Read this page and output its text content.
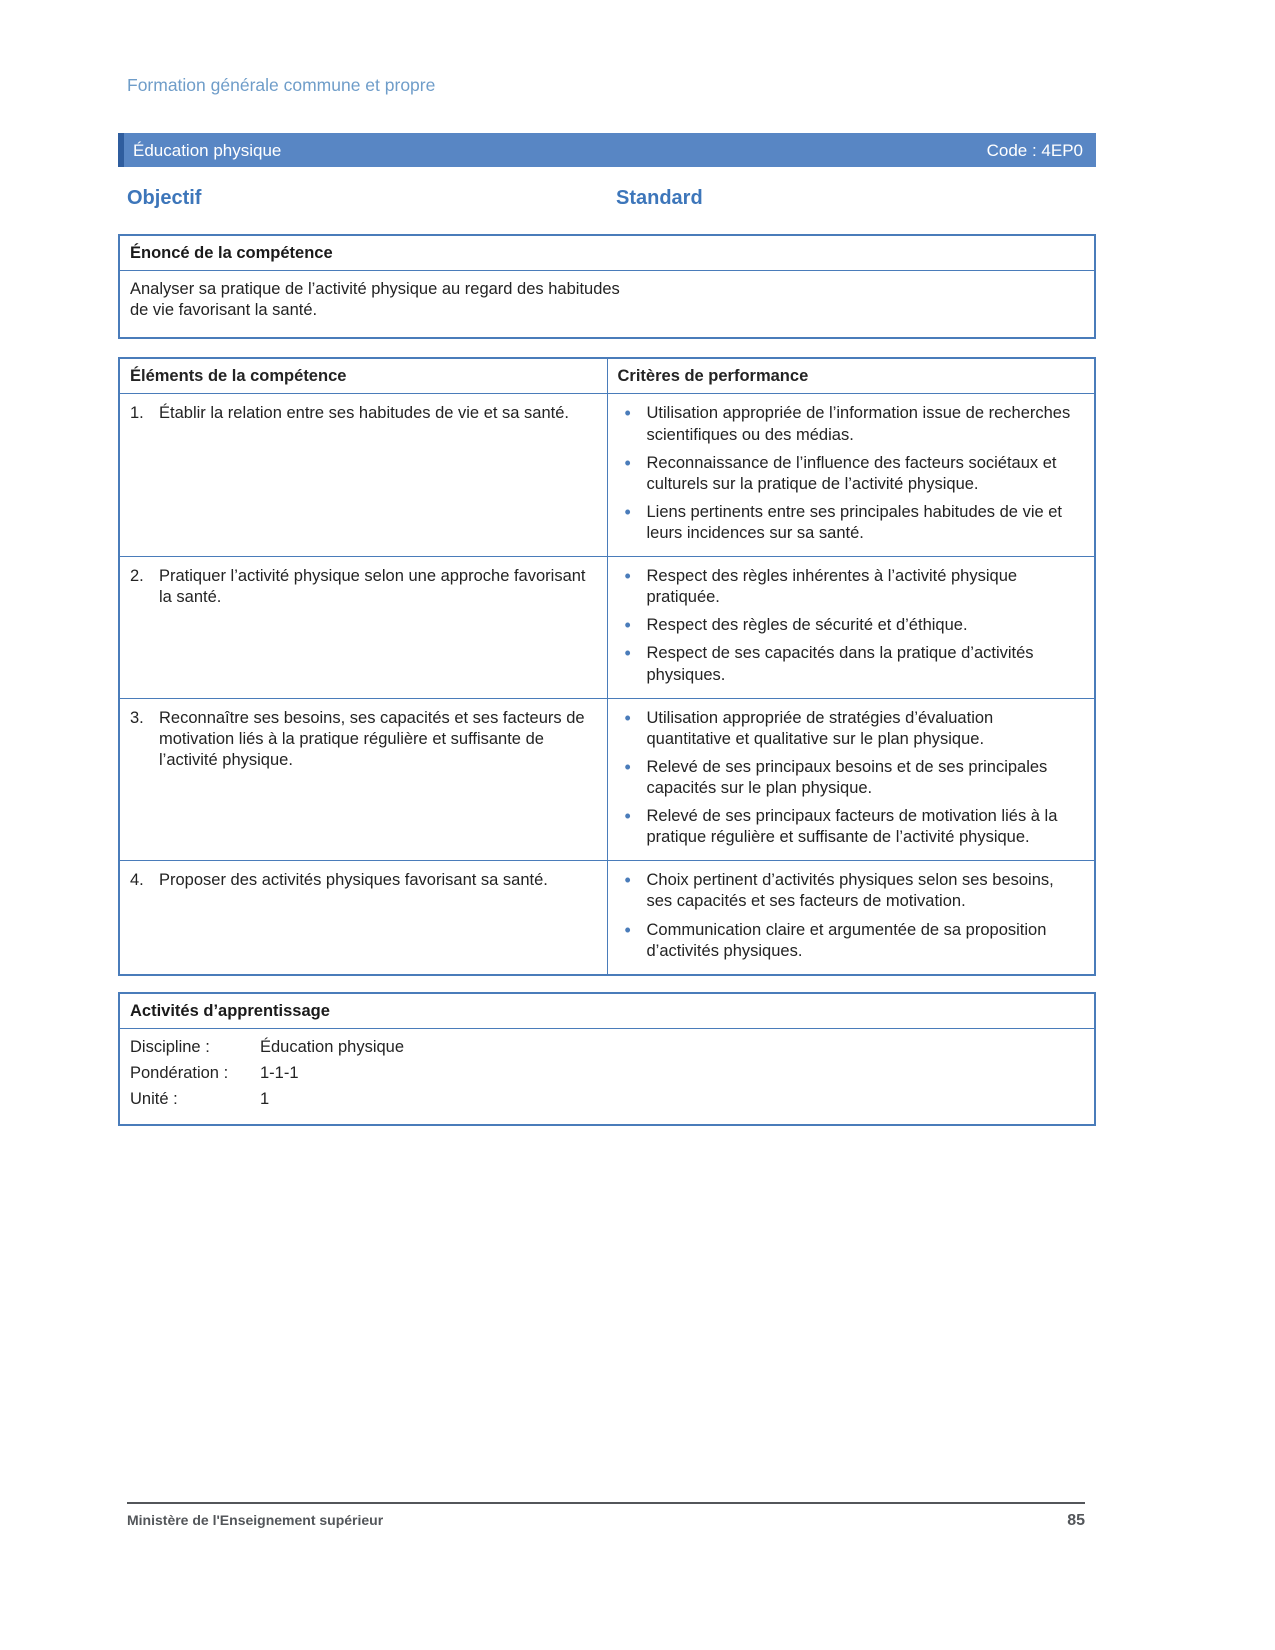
Formation générale commune et propre
Éducation physique	Code : 4EP0
Objectif	Standard
Énoncé de la compétence
Analyser sa pratique de l’activité physique au regard des habitudes de vie favorisant la santé.
Éléments de la compétence	Critères de performance

1. Établir la relation entre ses habitudes de vie et sa santé.

•Utilisation appropriée de l’information issue de recherches scientifiques ou des médias.
• Reconnaissance de l’influence des facteurs sociétaux et culturels sur la pratique de l’activité physique.
• Liens pertinents entre ses principales habitudes de vie et leurs incidences sur sa santé.

2. Pratiquer l’activité physique selon une approche favorisant la santé.

• Respect des règles inhérentes à l’activité physique pratiquée.
• Respect des règles de sécurité et d’éthique.
• Respect de ses capacités dans la pratique d’activités physiques.

3. Reconnaître ses besoins, ses capacités et ses facteurs de motivation liés à la pratique régulière et suffisante de l’activité physique.

• Utilisation appropriée de stratégies d’évaluation quantitative et qualitative sur le plan physique.
• Relevé de ses principaux besoins et de ses principales capacités sur le plan physique.
• Relevé de ses principaux facteurs de motivation liés à la pratique régulière et suffisante de l’activité physique.

4. Proposer des activités physiques favorisant sa santé.

•Choix pertinent d’activités physiques selon ses besoins, ses capacités et ses facteurs de motivation.
• Communication claire et argumentée de sa proposition d’activités physiques.
Activités d’apprentissage
Discipline :	Éducation physique
Pondération :	1-1-1
Unité :	1
Ministère de l'Enseignement supérieur	85
